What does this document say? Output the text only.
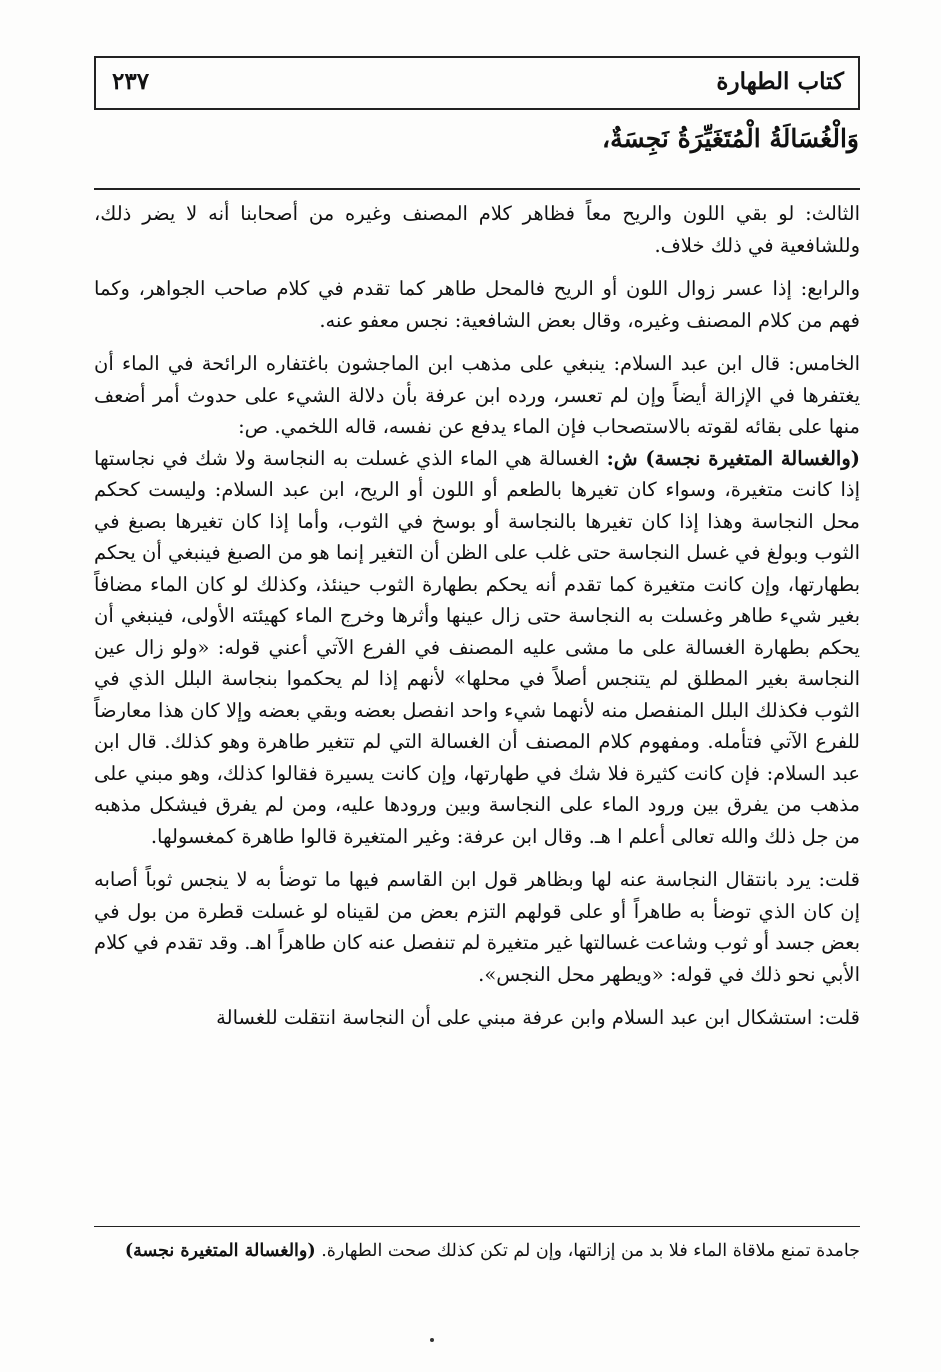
كتاب الطهارة
٢٣٧
وَالْغُسَالَةُ الْمُتَغَيِّرَةُ نَجِسَةٌ،

الثالث: لو بقي اللون والريح معاً فظاهر كلام المصنف وغيره من أصحابنا أنه لا يضر ذلك، وللشافعية في ذلك خلاف.

والرابع: إذا عسر زوال اللون أو الريح فالمحل طاهر كما تقدم في كلام صاحب الجواهر، وكما فهم من كلام المصنف وغيره، وقال بعض الشافعية: نجس معفو عنه.

الخامس: قال ابن عبد السلام: ينبغي على مذهب ابن الماجشون باغتفاره الرائحة في الماء أن يغتفرها في الإزالة أيضاً وإن لم تعسر، ورده ابن عرفة بأن دلالة الشيء على حدوث أمر أضعف منها على بقائه لقوته بالاستصحاب فإن الماء يدفع عن نفسه، قاله اللخمي. ص:

(والغسالة المتغيرة نجسة) ش: الغسالة هي الماء الذي غسلت به النجاسة ولا شك في نجاستها إذا كانت متغيرة، وسواء كان تغيرها بالطعم أو اللون أو الريح، ابن عبد السلام: وليست كحكم محل النجاسة وهذا إذا كان تغيرها بالنجاسة أو بوسخ في الثوب، وأما إذا كان تغيرها بصبغ في الثوب وبولغ في غسل النجاسة حتى غلب على الظن أن التغير إنما هو من الصبغ فينبغي أن يحكم بطهارتها، وإن كانت متغيرة كما تقدم أنه يحكم بطهارة الثوب حينئذ، وكذلك لو كان الماء مضافاً بغير شيء طاهر وغسلت به النجاسة حتى زال عينها وأثرها وخرج الماء كهيئته الأولى، فينبغي أن يحكم بطهارة الغسالة على ما مشى عليه المصنف في الفرع الآتي أعني قوله: «ولو زال عين النجاسة بغير المطلق لم يتنجس أصلاً في محلها» لأنهم إذا لم يحكموا بنجاسة البلل الذي في الثوب فكذلك البلل المنفصل منه لأنهما شيء واحد انفصل بعضه وبقي بعضه وإلا كان هذا معارضاً للفرع الآتي فتأمله. ومفهوم كلام المصنف أن الغسالة التي لم تتغير طاهرة وهو كذلك. قال ابن عبد السلام: فإن كانت كثيرة فلا شك في طهارتها، وإن كانت يسيرة فقالوا كذلك، وهو مبني على مذهب من يفرق بين ورود الماء على النجاسة وبين ورودها عليه، ومن لم يفرق فيشكل مذهبه من جل ذلك والله تعالى أعلم ا هـ. وقال ابن عرفة: وغير المتغيرة قالوا طاهرة كمغسولها.

قلت: يرد بانتقال النجاسة عنه لها وبظاهر قول ابن القاسم فيها ما توضأ به لا ينجس ثوباً أصابه إن كان الذي توضأ به طاهراً أو على قولهم التزم بعض من لقيناه لو غسلت قطرة من بول في بعض جسد أو ثوب وشاعت غسالتها غير متغيرة لم تنفصل عنه كان طاهراً اهـ. وقد تقدم في كلام الأبي نحو ذلك في قوله: «ويطهر محل النجس».

قلت: استشكال ابن عبد السلام وابن عرفة مبني على أن النجاسة انتقلت للغسالة

جامدة تمنع ملاقاة الماء فلا بد من إزالتها، وإن لم تكن كذلك صحت الطهارة. (والغسالة المتغيرة نجسة)
